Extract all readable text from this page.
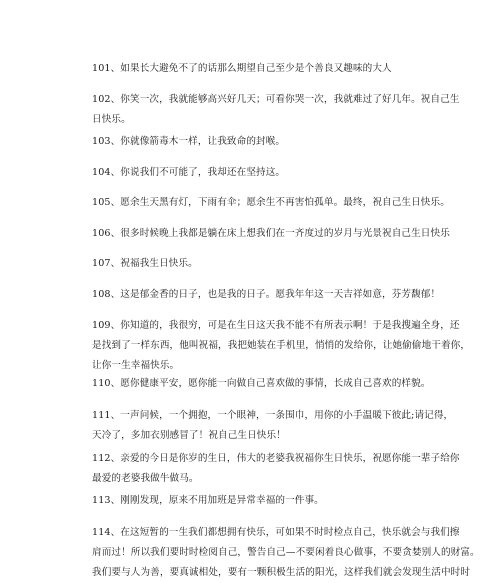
101、如果长大避免不了的话那么期望自己至少是个善良又趣味的大人
102、你笑一次，我就能够高兴好几天；可看你哭一次，我就难过了好几年。祝自己生
日快乐。
103、你就像箭毒木一样，让我致命的封喉。
104、你说我们不可能了，我却还在坚持这。
105、愿余生天黑有灯，下雨有伞；愿余生不再害怕孤单。最终，祝自己生日快乐。
106、很多时候晚上我都是躺在床上想我们在一齐度过的岁月与光景祝自己生日快乐
107、祝福我生日快乐。
108、这是郁金香的日子，也是我的日子。愿我年年这一天吉祥如意，芬芳馥郁！
109、你知道的，我很穷，可是在生日这天我不能不有所表示啊！于是我搜遍全身，还
是找到了一样东西，他叫祝福，我把她装在手机里，悄悄的发给你，让她偷偷地干着你，
让你一生幸福快乐。
110、愿你健康平安，愿你能一向做自己喜欢做的事情，长成自己喜欢的样貌。
111、一声问候，一个拥抱，一个眼神，一条围巾，用你的小手温暖下彼此;请记得，
天冷了，多加衣别感冒了！祝自己生日快乐！
112、亲爱的今日是你岁的生日，伟大的老婆我祝福你生日快乐，祝愿你能一辈子给你
最爱的老婆我做牛做马。
113、刚刚发现，原来不用加班是异常幸福的一件事。
114、在这短暂的一生我们都想拥有快乐，可如果不时时检点自己，快乐就会与我们擦
肩而过！所以我们要时时检阅自己，警告自己—不要闲着良心做事，不要贪婪别人的财富。
我们要与人为善，要真诚相处，要有一颗积极生活的阳光，这样我们就会发现生活中时时
